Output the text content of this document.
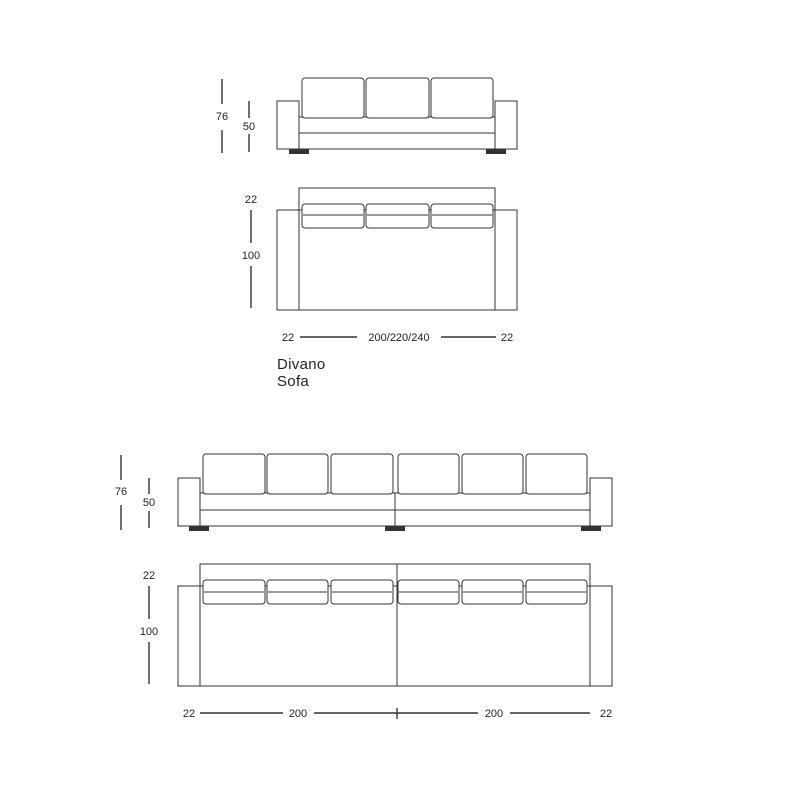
76
50
22
100
22	200/220/240	22
76
50
22
100
22	200	200	22
Divano
Sofa
